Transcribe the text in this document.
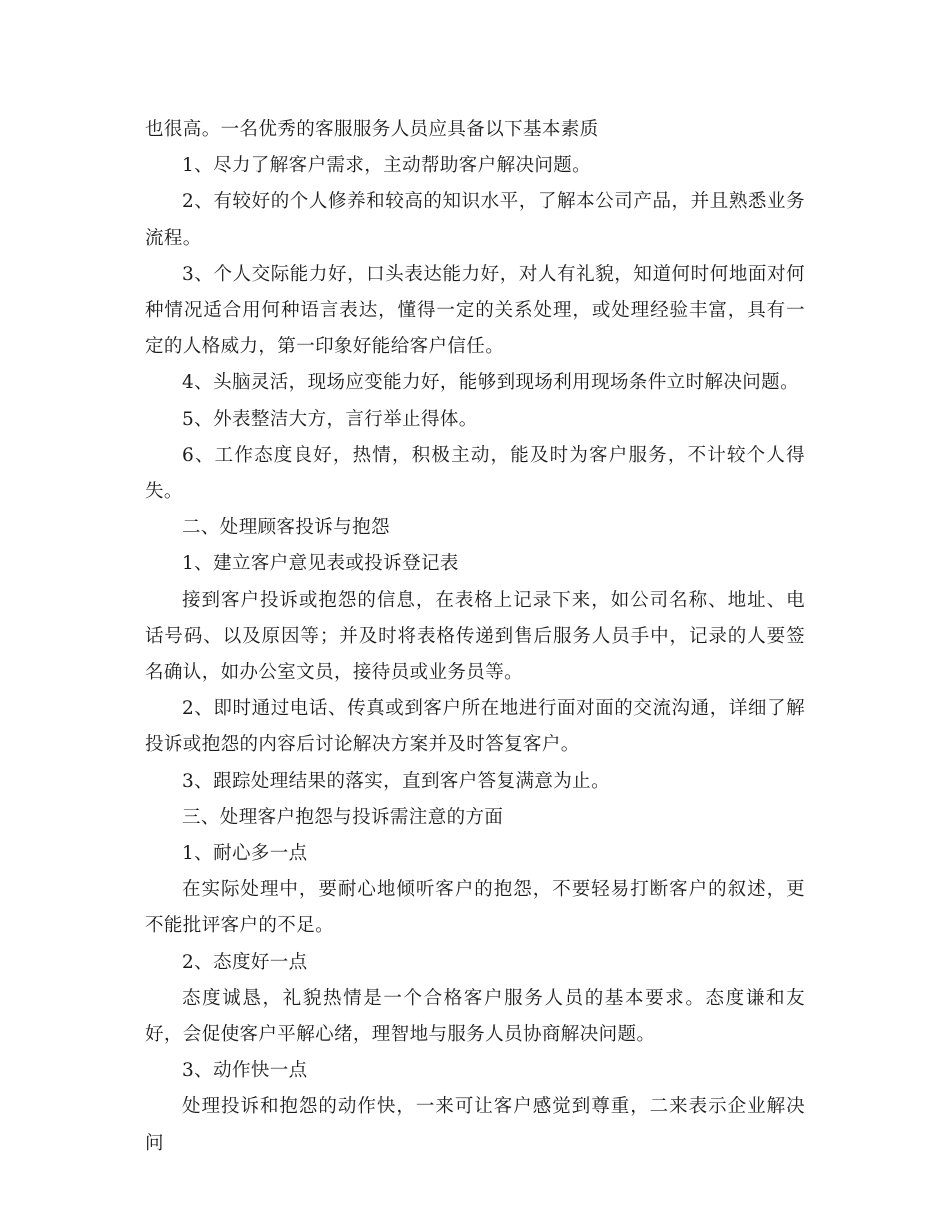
也很高。一名优秀的客服服务人员应具备以下基本素质

1、尽力了解客户需求，主动帮助客户解决问题。

2、有较好的个人修养和较高的知识水平，了解本公司产品，并且熟悉业务流程。

3、个人交际能力好，口头表达能力好，对人有礼貌，知道何时何地面对何种情况适合用何种语言表达，懂得一定的关系处理，或处理经验丰富，具有一定的人格威力，第一印象好能给客户信任。

4、头脑灵活，现场应变能力好，能够到现场利用现场条件立时解决问题。

5、外表整洁大方，言行举止得体。

6、工作态度良好，热情，积极主动，能及时为客户服务，不计较个人得失。

二、处理顾客投诉与抱怨

1、建立客户意见表或投诉登记表

接到客户投诉或抱怨的信息，在表格上记录下来，如公司名称、地址、电话号码、以及原因等；并及时将表格传递到售后服务人员手中，记录的人要签名确认，如办公室文员，接待员或业务员等。

2、即时通过电话、传真或到客户所在地进行面对面的交流沟通，详细了解投诉或抱怨的内容后讨论解决方案并及时答复客户。

3、跟踪处理结果的落实，直到客户答复满意为止。

三、处理客户抱怨与投诉需注意的方面

1、耐心多一点

在实际处理中，要耐心地倾听客户的抱怨，不要轻易打断客户的叙述，更不能批评客户的不足。

2、态度好一点

态度诚恳，礼貌热情是一个合格客户服务人员的基本要求。态度谦和友好，会促使客户平解心绪，理智地与服务人员协商解决问题。

3、动作快一点

处理投诉和抱怨的动作快，一来可让客户感觉到尊重，二来表示企业解决问
